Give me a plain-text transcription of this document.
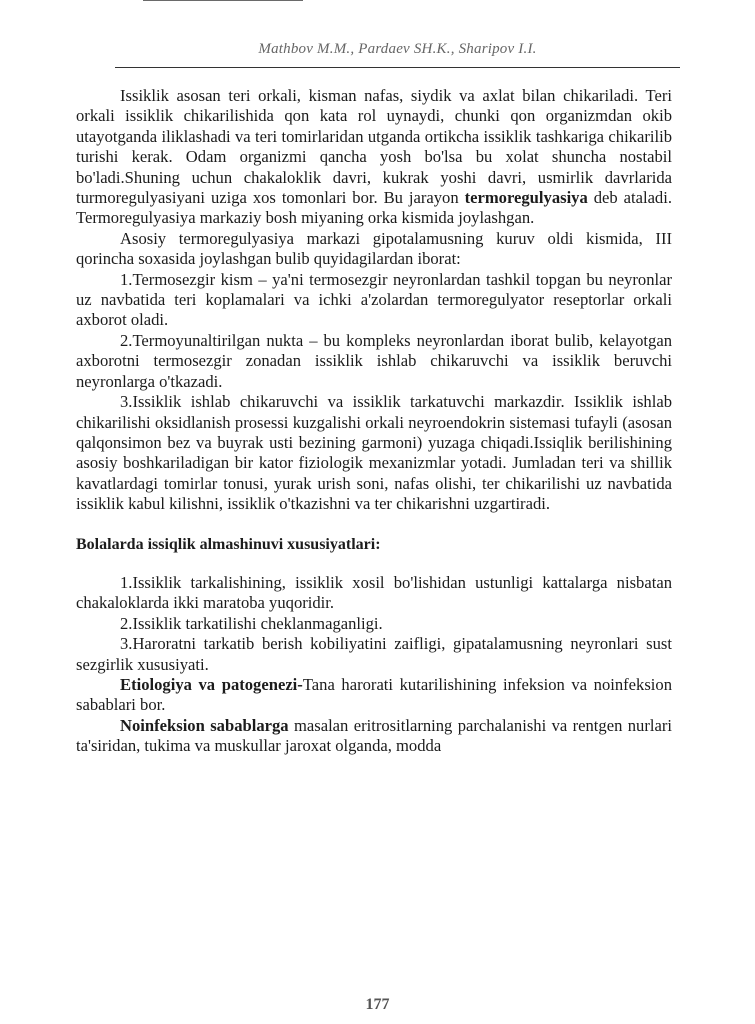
Mathbov M.M., Pardaev SH.K., Sharipov I.I.

Issiklik asosan teri orkali, kisman nafas, siydik va axlat bilan chikariladi. Teri orkali issiklik chikarilishida qon kata rol uynaydi, chunki qon organizmdan okib utayotganda iliklashadi va teri tomirlaridan utganda ortikcha issiklik tashkariga chikarilib turishi kerak. Odam organizmi qancha yosh bo'lsa bu xolat shuncha nostabil bo'ladi.Shuning uchun chakaloklik davri, kukrak yoshi davri, usmirlik davrlarida turmoregulyasiyani uziga xos tomonlari bor. Bu jarayon termoregulyasiya deb ataladi. Termoregulyasiya markaziy bosh miyaning orka kismida joylashgan.

Asosiy termoregulyasiya markazi gipotalamusning kuruv oldi kismida, III qorincha soxasida joylashgan bulib quyidagilardan iborat:

1.Termosezgir kism – ya'ni termosezgir neyronlardan tashkil topgan bu neyronlar uz navbatida teri koplamalari va ichki a'zolardan termoregulyator reseptorlar orkali axborot oladi.

2.Termoyunaltirilgan nukta – bu kompleks neyronlardan iborat bulib, kelayotgan axborotni termosezgir zonadan issiklik ishlab chikaruvchi va issiklik beruvchi neyronlarga o'tkazadi.

3.Issiklik ishlab chikaruvchi va issiklik tarkatuvchi markazdir. Issiklik ishlab chikarilishi oksidlanish prosessi kuzgalishi orkali neyroendokrin sistemasi tufayli (asosan qalqonsimon bez va buyrak usti bezining garmoni) yuzaga chiqadi.Issiqlik berilishining asosiy boshkariladigan bir kator fiziologik mexanizmlar yotadi. Jumladan teri va shillik kavatlardagi tomirlar tonusi, yurak urish soni, nafas olishi, ter chikarilishi uz navbatida issiklik kabul kilishni, issiklik o'tkazishni va ter chikarishni uzgartiradi.

Bolalarda issiqlik almashinuvi xususiyatlari:

1.Issiklik tarkalishining, issiklik xosil bo'lishidan ustunligi kattalarga nisbatan chakaloklarda ikki maratoba yuqoridir.

2.Issiklik tarkatilishi cheklanmaganligi.

3.Haroratni tarkatib berish kobiliyatini zaifligi, gipatalamusning neyronlari sust sezgirlik xususiyati.

Etiologiya va patogenezi-Tana harorati kutarilishining infeksion va noinfeksion sabablari bor.

Noinfeksion sabablarga masalan eritrositlarning parchalanishi va rentgen nurlari ta'siridan, tukima va muskullar jaroxat olganda, modda

177
